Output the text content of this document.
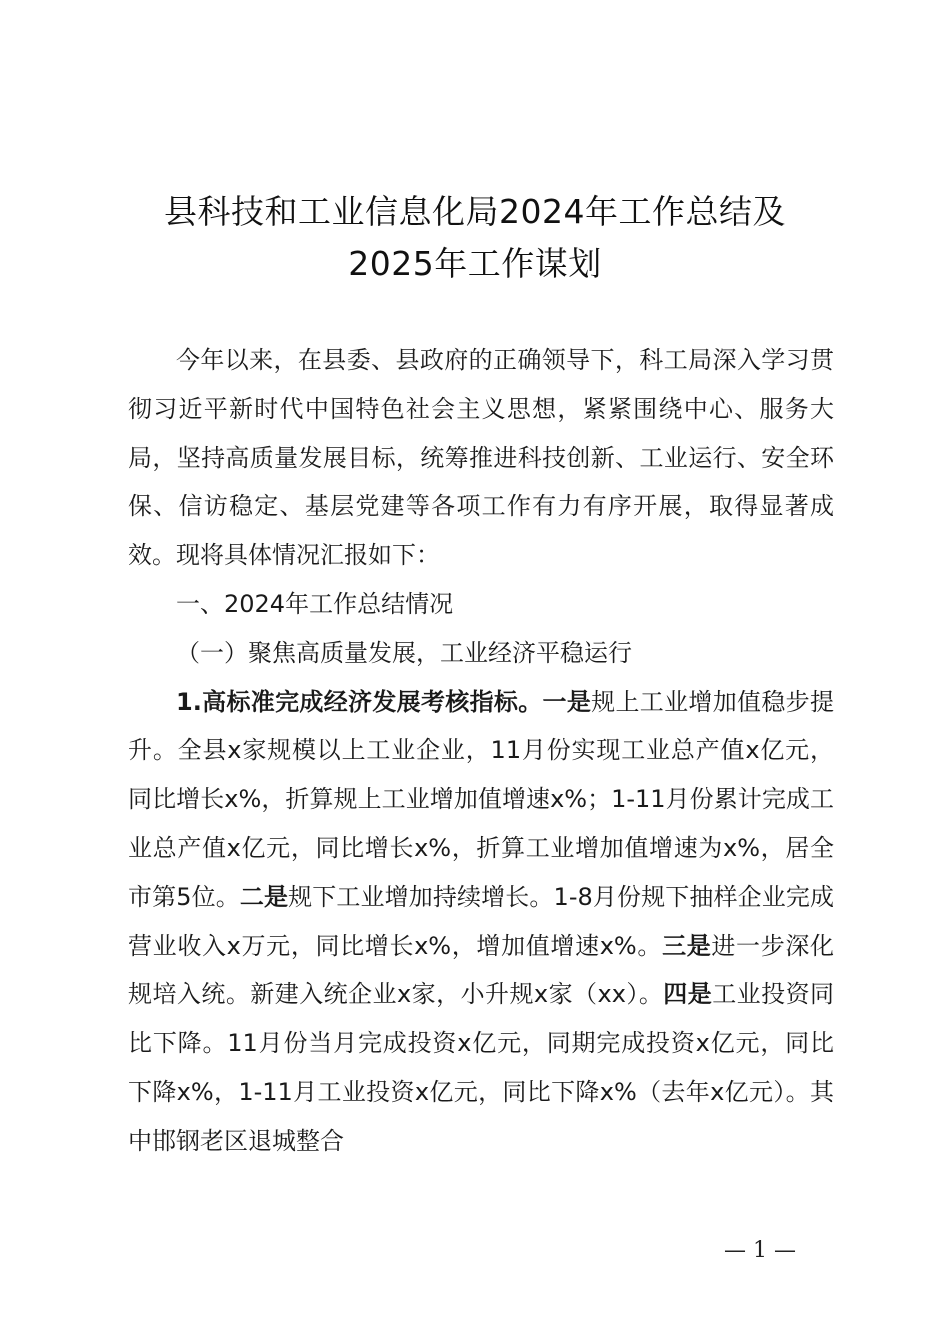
县科技和工业信息化局2024年工作总结及
2025年工作谋划

今年以来，在县委、县政府的正确领导下，科工局深入学习贯彻习近平新时代中国特色社会主义思想，紧紧围绕中心、服务大局，坚持高质量发展目标，统筹推进科技创新、工业运行、安全环保、信访稳定、基层党建等各项工作有力有序开展，取得显著成效。现将具体情况汇报如下：

一、2024年工作总结情况

（一）聚焦高质量发展，工业经济平稳运行

1.高标准完成经济发展考核指标。一是规上工业增加值稳步提升。全县x家规模以上工业企业，11月份实现工业总产值x亿元，同比增长x%，折算规上工业增加值增速x%；1-11月份累计完成工业总产值x亿元，同比增长x%，折算工业增加值增速为x%，居全市第5位。二是规下工业增加持续增长。1-8月份规下抽样企业完成营业收入x万元，同比增长x%，增加值增速x%。三是进一步深化规培入统。新建入统企业x家，小升规x家（xx）。四是工业投资同比下降。11月份当月完成投资x亿元，同期完成投资x亿元，同比下降x%，1-11月工业投资x亿元，同比下降x%（去年x亿元）。其中邯钢老区退城整合

— 1 —
